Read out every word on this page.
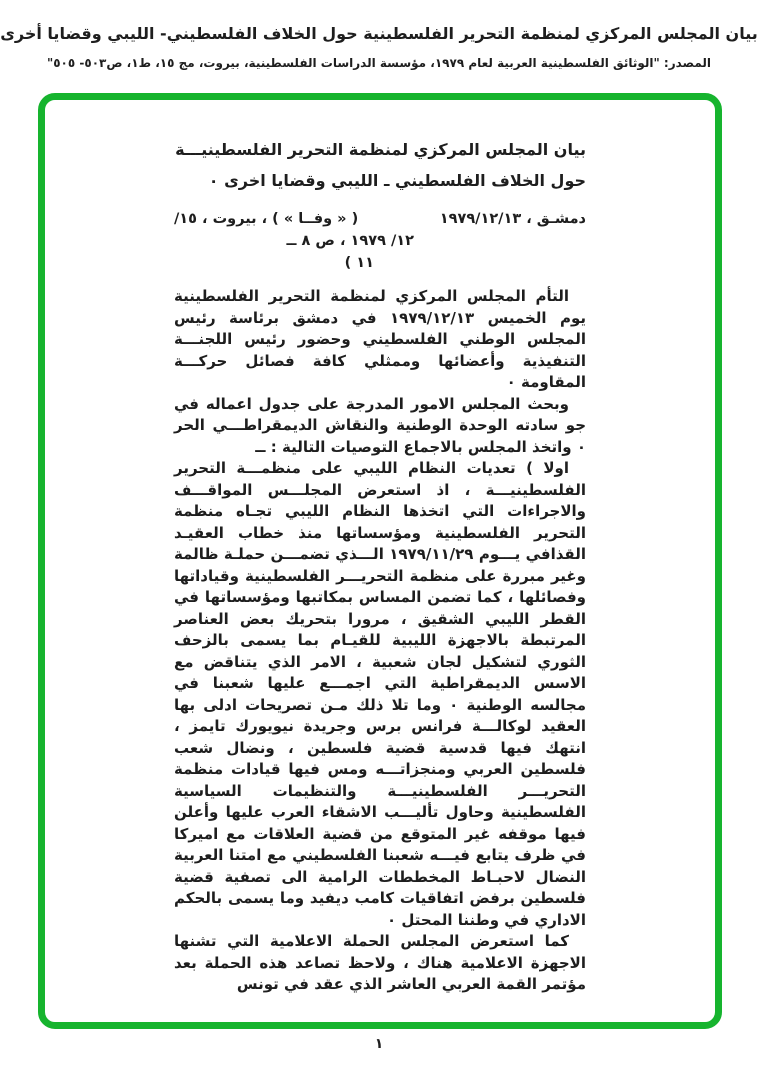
بيان المجلس المركزي لمنظمة التحرير الفلسطينية حول الخلاف الفلسطيني- الليبي وقضايا أخرى
المصدر: "الوثائق الفلسطينية العربية لعام ١٩٧٩، مؤسسة الدراسات الفلسطينية، بيروت، مج ١٥، ط١، ص٥٠٣- ٥٠٥"
بيان المجلس المركزي لمنظمة التحرير الفلسطينيـــة
حول الخلاف الفلسطيني ـ الليبي وقضايا اخرى ٠
دمشـق ، ١٩٧٩/١٢/١٣
( « وفــا » ) ، بيروت ، ١٥/
١٢/ ١٩٧٩ ، ص ٨ ــ
١١ )

التأم المجلس المركزي لمنظمة التحرير الفلسطينية يوم الخميس ١٩٧٩/١٢/١٣ في دمشق برئاسة رئيس المجلس الوطني الفلسطيني وحضور رئيس اللجنـــة التنفيذية وأعضائها وممثلي كافة فصائل حركـــة المقاومة ٠

وبحث المجلس الامور المدرجة على جدول اعماله في جو سادته الوحدة الوطنية والنقاش الديمقراطـــي الحر ٠ واتخذ المجلس بالاجماع التوصيات التالية : ــ

اولا ) تعديات النظام الليبي على منظمـــة التحرير الفلسطينيـــة ، اذ استعرض المجلـــس المواقـــف والاجراءات التي اتخذها النظام الليبي تجـاه منظمة التحرير الفلسطينية ومؤسساتها منذ خطاب العقيـد القذافي يـــوم ١٩٧٩/١١/٢٩ الـــذي تضمـــن حملـة ظالمة وغير مبررة على منظمة التحريـــر الفلسطينية وقياداتها وفصائلها ، كما تضمن المساس بمكاتبها ومؤسساتها في القطر الليبي الشقيق ، مرورا بتحريك بعض العناصر المرتبطة بالاجهزة الليبية للقيـام بما يسمى بالزحف الثوري لتشكيل لجان شعبية ، الامر الذي يتناقض مع الاسس الديمقراطية التي اجمـــع عليها شعبنا في مجالسه الوطنية ٠ وما تلا ذلك مـن تصريحات ادلى بها العقيد لوكالـــة فرانس برس وجريدة نيويورك تايمز ، انتهك فيها قدسية قضية فلسطين ، ونضال شعب فلسطين العربي ومنجزاتـــه ومس فيها قيادات منظمة التحريـــر الفلسطينيـــة والتنظيمات السياسية الفلسطينية وحاول تأليـــب الاشقاء العرب عليها وأعلن فيها موقفه غير المتوقع من قضية العلاقات مع اميركا في ظرف يتابع فيـــه شعبنا الفلسطيني مع امتنا العربية النضال لاحبـاط المخططات الرامية الى تصفية قضية فلسطين برفض اتفاقيات كامب ديفيد وما يسمى بالحكم الاداري في وطننا المحتل ٠

كما استعرض المجلس الحملة الاعلامية التي تشنها الاجهزة الاعلامية هناك ، ولاحظ تصاعد هذه الحملة بعد مؤتمر القمة العربي العاشر الذي عقد في تونس

١
